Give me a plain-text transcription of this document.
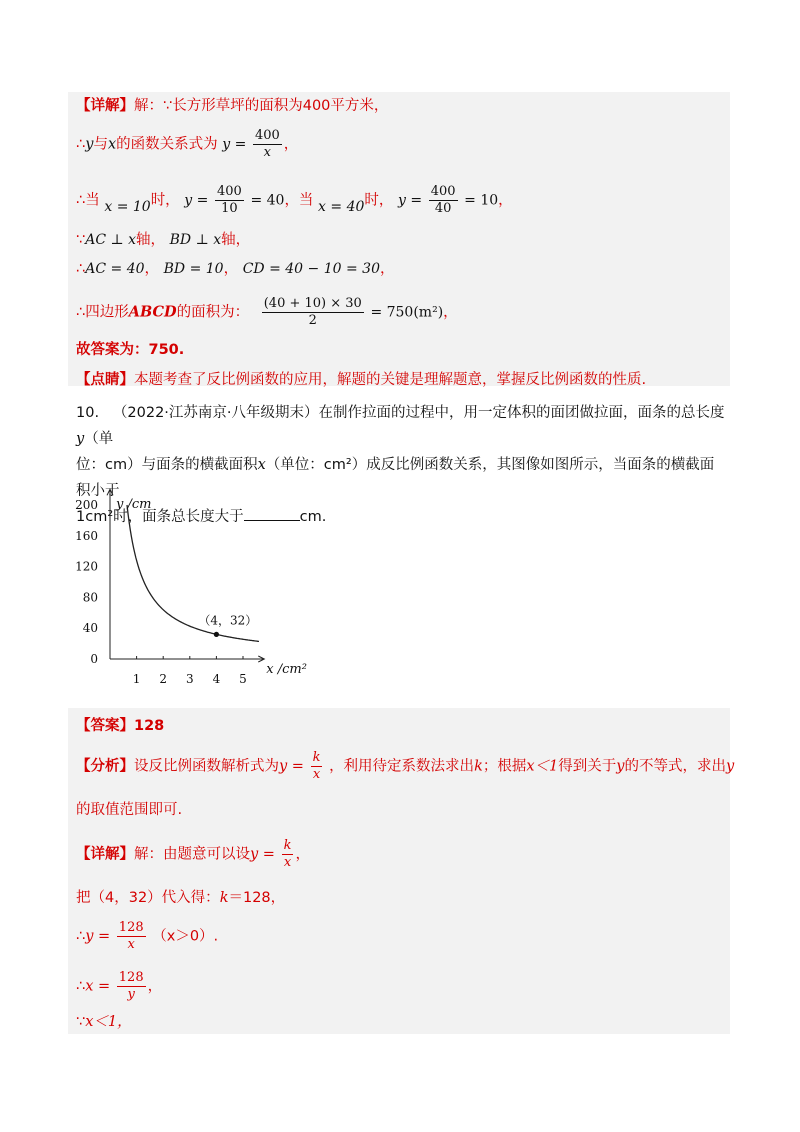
【详解】解：∵长方形草坪的面积为400平方米，
∴y与x的函数关系式为 $y = \frac{400}{x}$ ，
∴当 x = 10时， $y = \frac{400}{10} = 40$，当 x = 40时， $y = \frac{400}{40} = 10$，
∵AC ⊥ x轴， BD ⊥ x轴，
∴AC = 40， BD = 10， CD = 40 − 10 = 30，
∴四边形ABCD的面积为： $\frac{(40 + 10) \times 30}{2} = 750(m^2)$，
故答案为：750.
【点睛】本题考查了反比例函数的应用，解题的关键是理解题意，掌握反比例函数的性质.
10. （2022·江苏南京·八年级期末）在制作拉面的过程中，用一定体积的面团做拉面，面条的总长度y（单
位：cm）与面条的横截面积x（单位：cm²）成反比例函数关系，其图像如图所示，当面条的横截面积小于
1cm²时，面条总长度大于	cm.
1 2 3 4 5
0
40
80
120
160
200
（4，32）
y /cm
x /cm²
【答案】128
【分析】设反比例函数解析式为$y = \frac{k}{x}$ ，利用待定系数法求出k；根据x＜1得到关于y的不等式，求出y
的取值范围即可.
【详解】解：由题意可以设$y = \frac{k}{x}$ ，
把（4，32）代入得：k＝128，
∴y = $\frac{128}{x} (x>0)$.
∴x = $\frac{128}{y}$ ，
∵x＜1，
